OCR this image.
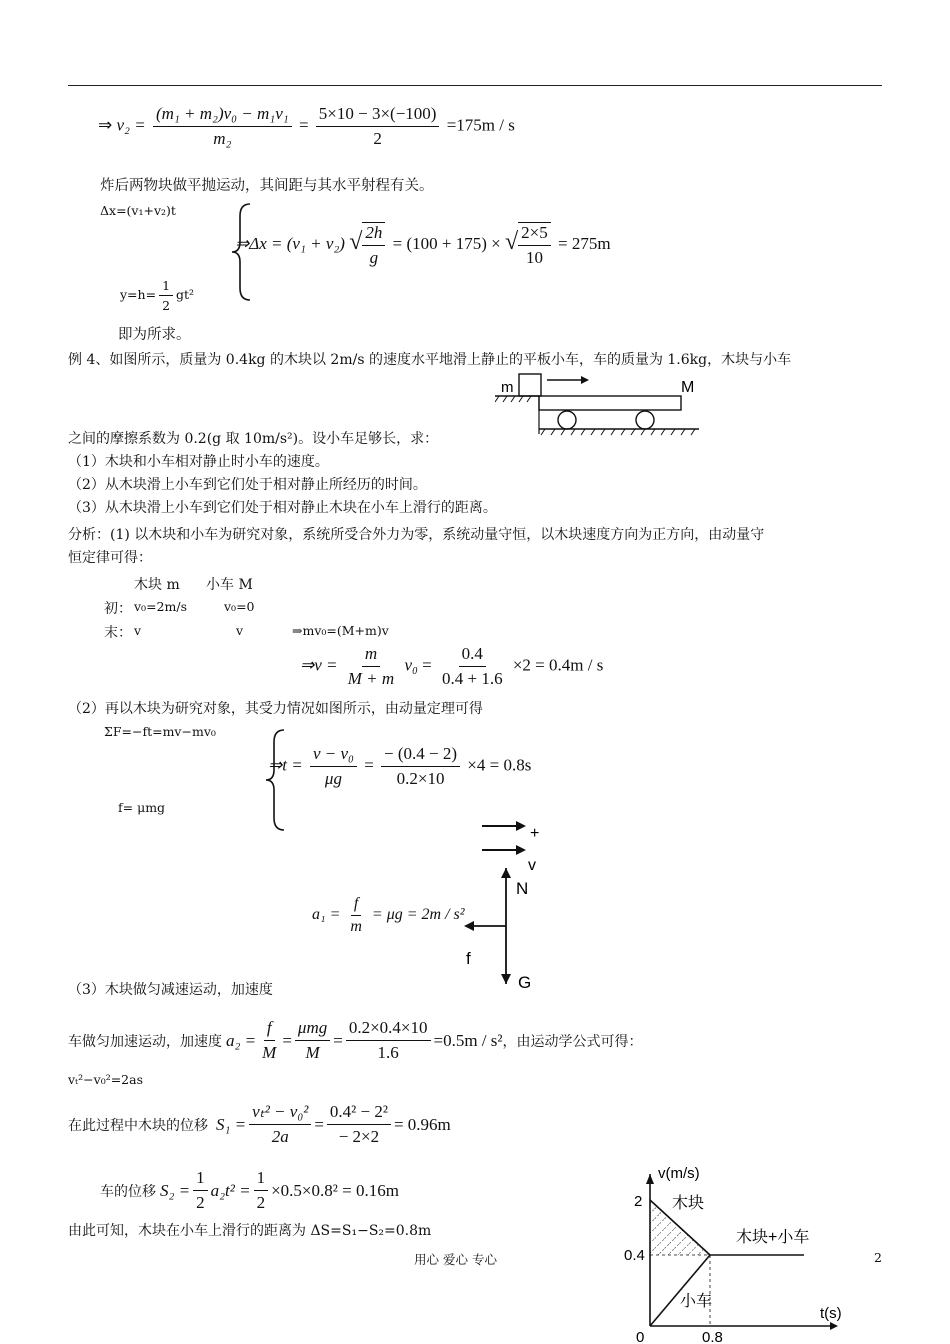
⇒ $v_2 = \frac{\text{(m₁ + m₂)v₀ − m₁v₁}}{\text{m₂}} = \frac{5\times 10 - 3\times(-100)}{2} =175m / s$
炸后两物块做平抛运动，其间距与其水平射程有关。
Δx=(v₁+v₂)t
⇒Δx = (v₁ + v₂) √ $\frac{2h}{g} = (100 + 175)$ × √ $\frac{2\times 5}{10} = 275m$
$y=h= \frac{1}{2} gt^2$
即为所求。
例 4、如图所示，质量为 0.4kg 的木块以 2m/s 的速度水平地滑上静止的平板小车，车的质量为 1.6kg，木块与小车
m	M
之间的摩擦系数为 0.2(g 取 10m/s²)。设小车足够长，求：
（1）木块和小车相对静止时小车的速度。
（2）从木块滑上小车到它们处于相对静止所经历的时间。
（3）从木块滑上小车到它们处于相对静止木块在小车上滑行的距离。
分析：(1) 以木块和小车为研究对象，系统所受合外力为零，系统动量守恒，以木块速度方向为正方向，由动量守
恒定律可得：
木块 m 小车 M
初： v₀=2m/s	v₀=0
末： v	v	⇒mv₀=(M+m)v
⇒v = $\frac{m}{M + m} v_0 = \frac{0.4}{0.4 + 1.6} \times 2 = 0.4m / s$
（2）再以木块为研究对象，其受力情况如图所示，由动量定理可得
ΣF=−ft=mv−mv₀
⇒t = $\frac{\text{v − v₀}}{\mu g} = \frac{- (0.4 - 2)}{0.2\times 10} \times 4 = 0.8s$
f= μmg
+
v
N
f
G
$a_1 = \frac{f}{m} = \mu g = 2m / s^2$
（3）木块做匀减速运动，加速度
车做匀加速运动，加速度 $a_2 = \frac{f}{M} = \frac{\text{μmg}}{M} = \frac{0.2\times 0.4\times 10}{1.6} =0.5m / s^2$ ，由运动学公式可得：
vₜ²−v₀²=2as
在此过程中木块的位移 $S_1 = \frac{\text{vₜ² − v₀²}}{2a} = \frac{\text{0.4² − 2²}}{- 2\times 2} = 0.96m$
车的位移 $S_2 = \frac{1}{2} a_2t^2 = \frac{1}{2} \times 0.5\times 0.8^2 = 0.16m$
由此可知，木块在小车上滑行的距离为 ΔS=S₁−S₂=0.8m
v(m/s)
t(s)
2
0.4
0	0.8
木块
小车
木块+小车
用心 爱心 专心	2
